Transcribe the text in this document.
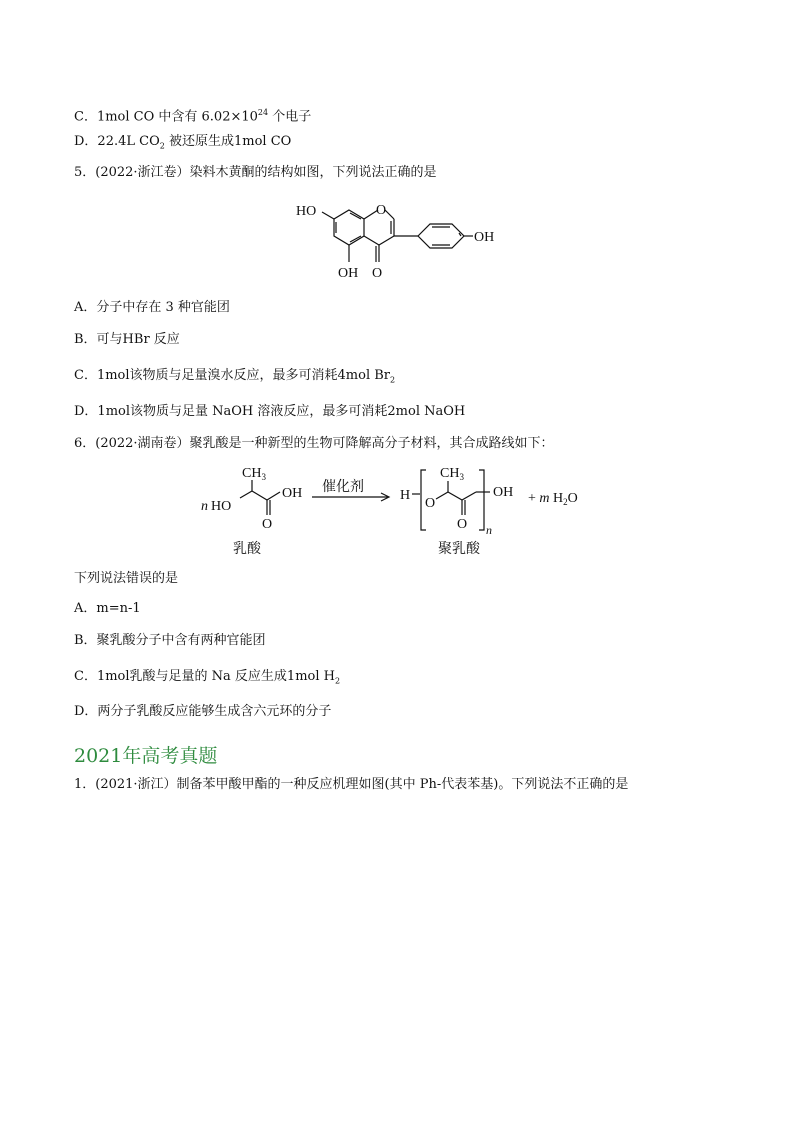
C．1mol CO 中含有 $6.02\times 10^{24}$ 个电子
D．22.4L $CO_2$ 被还原生成1mol CO
5．(2022·浙江卷）染料木黄酮的结构如图，下列说法正确的是
HO	O
OH O
OH
A．分子中存在 3 种官能团
B．可与HBr 反应
C．1mol该物质与足量溴水反应，最多可消耗4mol $Br_2$
D．1mol该物质与足量 NaOH 溶液反应，最多可消耗2mol NaOH
6．(2022·湖南卷）聚乳酸是一种新型的生物可降解高分子材料，其合成路线如下：
n HO
$CH_3$
OH
O
催化剂
H
O
$CH_3$
OH
O n
+ m $H_2O$
乳酸	聚乳酸
下列说法错误的是
A．m=n-1
B．聚乳酸分子中含有两种官能团
C．1mol乳酸与足量的 Na 反应生成1mol $H_2$
D．两分子乳酸反应能够生成含六元环的分子
2021年高考真题
1．(2021·浙江）制备苯甲酸甲酯的一种反应机理如图(其中 Ph-代表苯基)。下列说法不正确的是
